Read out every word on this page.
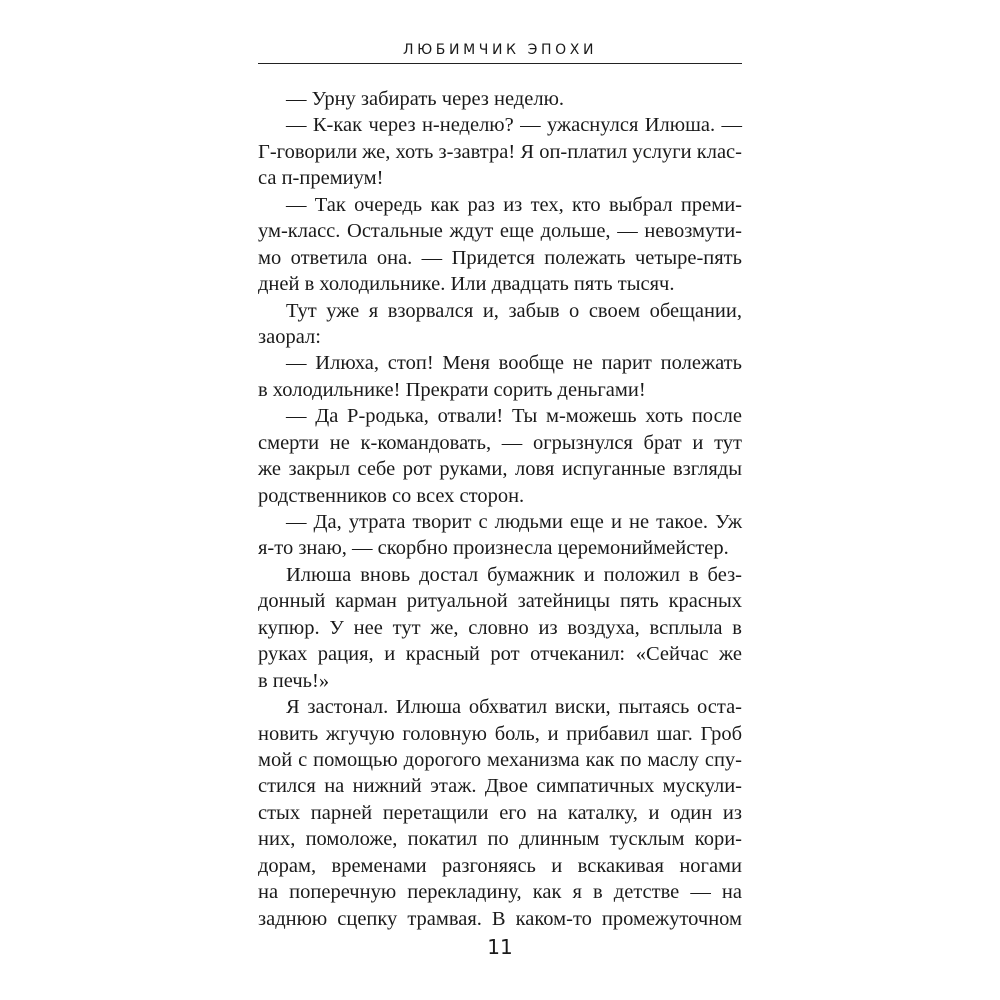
ЛЮБИМЧИК ЭПОХИ
— Урну забирать через неделю.
— К-как через н-неделю? — ужаснулся Илюша. —
Г-говорили же, хоть з-завтра! Я оп-платил услуги клас-
са п-премиум!
— Так очередь как раз из тех, кто выбрал преми-
ум-класс. Остальные ждут еще дольше, — невозмути-
мо ответила она. — Придется полежать четыре-пять
дней в холодильнике. Или двадцать пять тысяч.
Тут уже я взорвался и, забыв о своем обещании,
заорал:
— Илюха, стоп! Меня вообще не парит полежать
в холодильнике! Прекрати сорить деньгами!
— Да Р-родька, отвали! Ты м-можешь хоть после
смерти не к-командовать, — огрызнулся брат и тут
же закрыл себе рот руками, ловя испуганные взгляды
родственников со всех сторон.
— Да, утрата творит с людьми еще и не такое. Уж
я-то знаю, — скорбно произнесла церемониймейстер.
Илюша вновь достал бумажник и положил в без-
донный карман ритуальной затейницы пять красных
купюр. У нее тут же, словно из воздуха, всплыла в
руках рация, и красный рот отчеканил: «Сейчас же
в печь!»
Я застонал. Илюша обхватил виски, пытаясь оста-
новить жгучую головную боль, и прибавил шаг. Гроб
мой с помощью дорогого механизма как по маслу спу-
стился на нижний этаж. Двое симпатичных мускули-
стых парней перетащили его на каталку, и один из
них, помоложе, покатил по длинным тусклым кори-
дорам, временами разгоняясь и вскакивая ногами
на поперечную перекладину, как я в детстве — на
заднюю сцепку трамвая. В каком-то промежуточном
11
